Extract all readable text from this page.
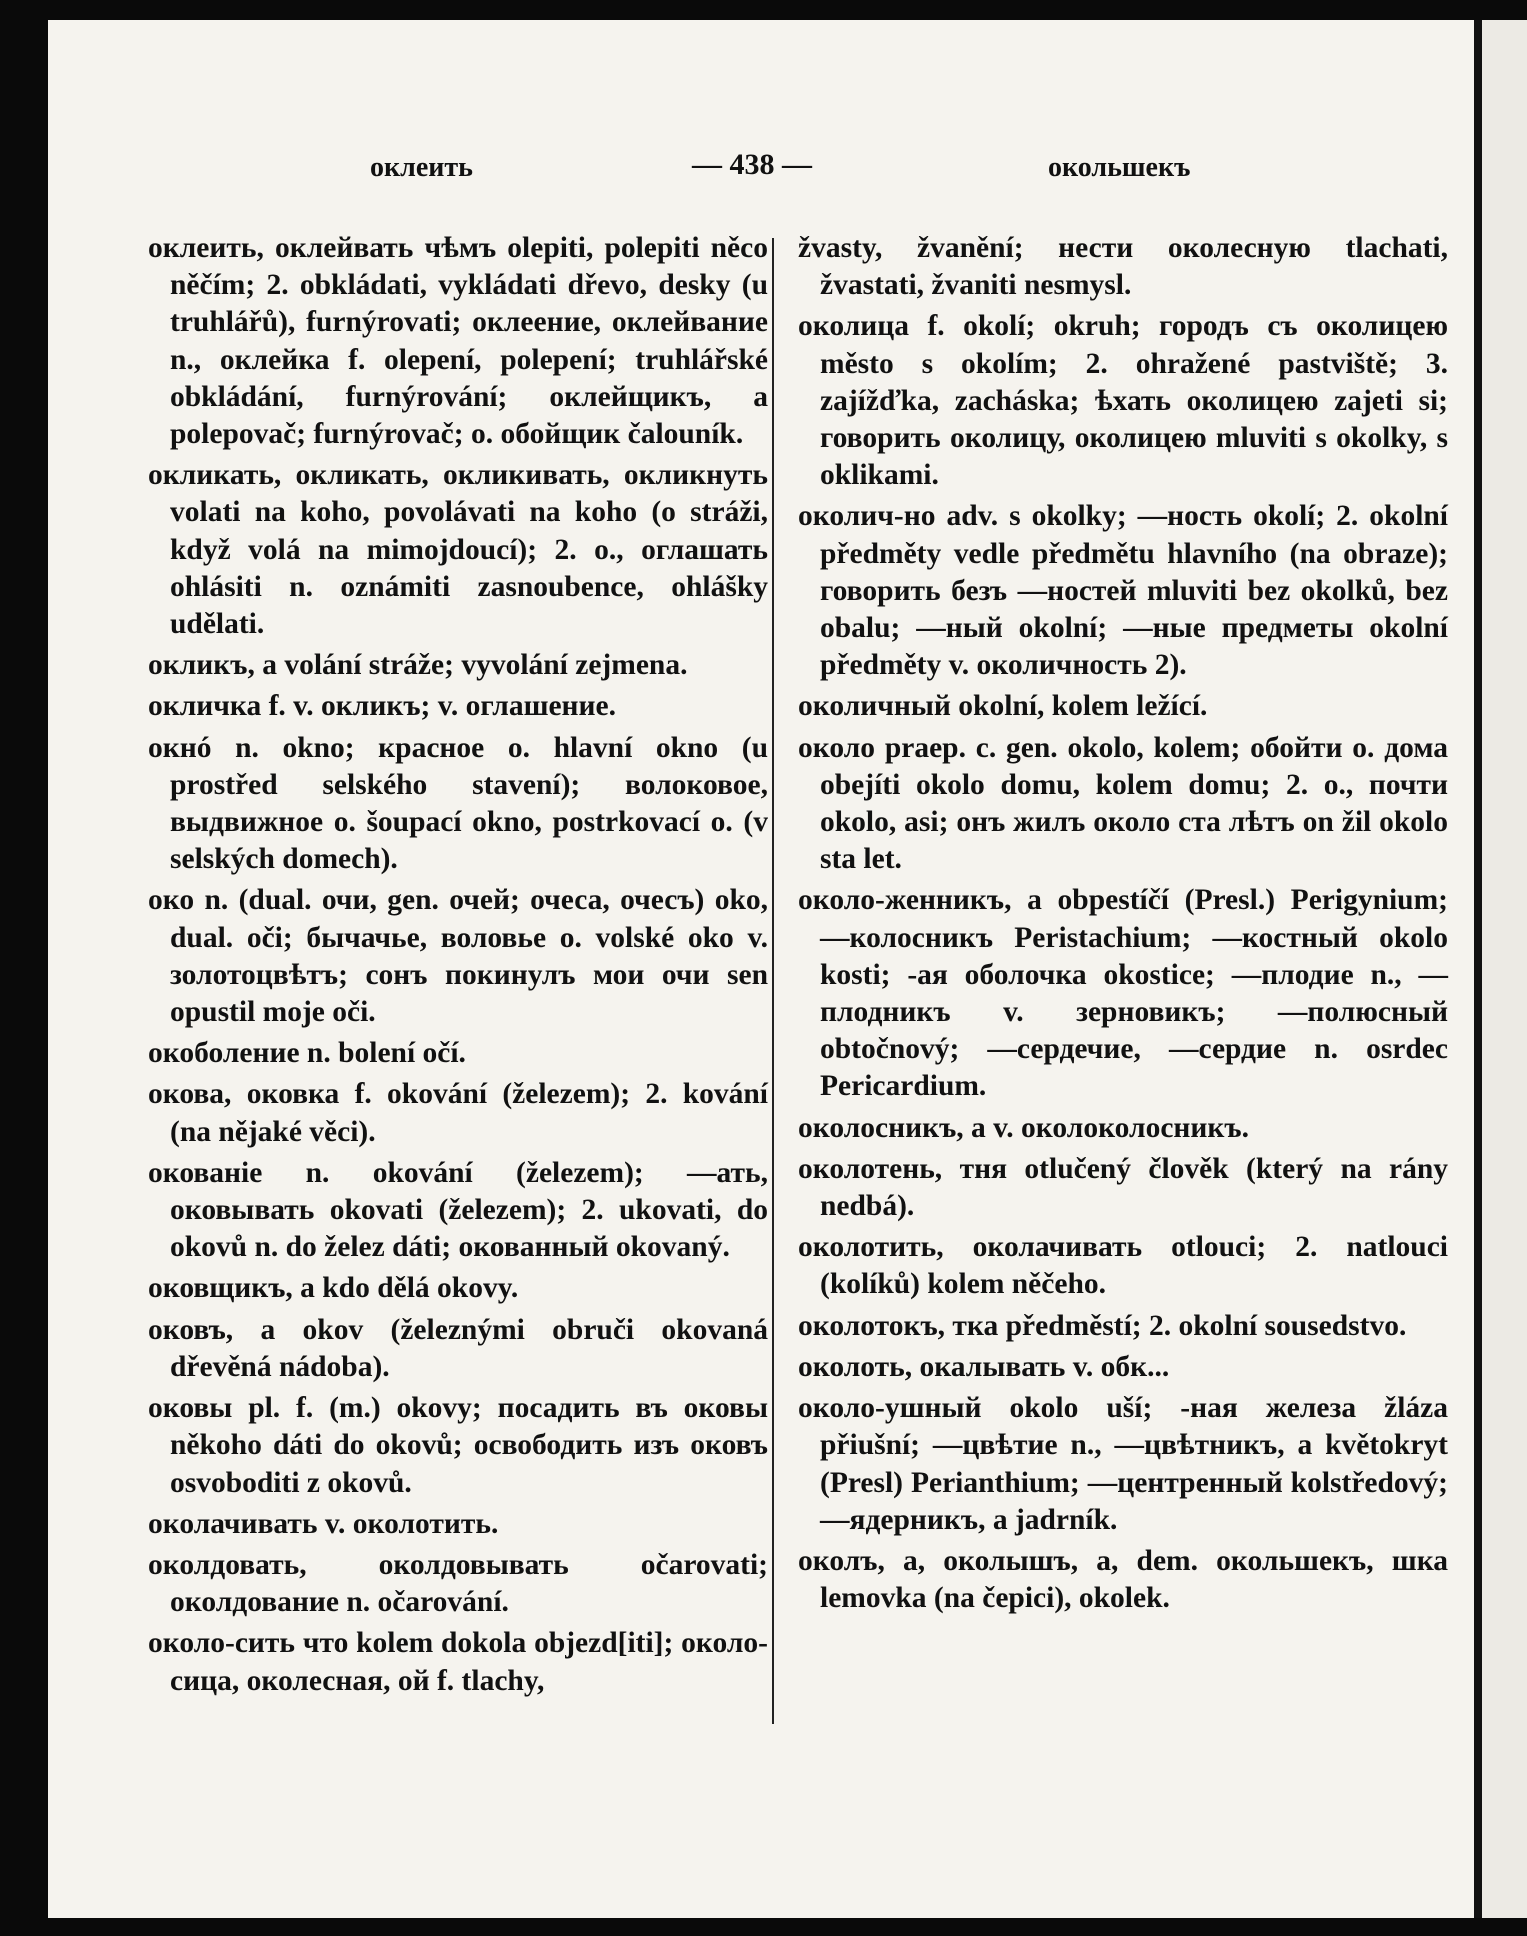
оклеить	— 438 —	окольшекъ

оклеить, оклейвать чѣмъ olepiti, polepiti něco něčím; 2. obkládati, vykládati dřevo, desky (u truhlářů), furnýrovati; оклеение, оклейвание n., оклейка f. olepení, polepení; truhlářské obkládání, furnýrování; оклейщикъ, a polepovač; furnýrovač; o. обойщик čalouník.

окликать, окликать, окликивать, окликнуть volati na koho, povolávati na koho (o stráži, když volá na mimojdoucí); 2. o., оглашать ohlásiti n. oznámiti zasnoubence, ohlášky udělati.

окликъ, a volání stráže; vyvolání zejmena.

окличка f. v. окликъ; v. оглашение.

окнó n. okno; красное o. hlavní okno (u prostřed selského stavení); волоковое, выдвижное o. šoupací okno, postrkovací o. (v selských domech).

око n. (dual. очи, gen. очей; очеса, очесъ) oko, dual. oči; бычачье, воловье o. volské oko v. золотоцвѣтъ; сонъ покинулъ мои очи sen opustil moje oči.

окоболение n. bolení očí.

окова, оковка f. okování (železem); 2. kování (na nějaké věci).

окованіе n. okování (železem); —ать, оковывать okovati (železem); 2. ukovati, do okovů n. do želez dáti; окованный okovaný.

оковщикъ, a kdo dělá okovy.

оковъ, a okov (železnými obruči okovaná dřevěná nádoba).

оковы pl. f. (m.) okovy; посадить въ оковы někoho dáti do okovů; освободить изъ оковъ osvoboditi z okovů.

околачивать v. околотить.

околдовать, околдовывать očarovati; околдование n. očarování.

около-сить что kolem dokola objezd[iti]; около-сица, околесная, ой f. tlachy,

žvasty, žvanění; нести околесную tlachati, žvastati, žvaniti nesmysl.

околица f. okolí; okruh; городъ съ околицею město s okolím; 2. ohražené pastviště; 3. zajížďka, zacháska; ѣхать околицею zajeti si; говорить околицу, околицею mluviti s okolky, s oklikami.

околич-но adv. s okolky; —ность okolí; 2. okolní předměty vedle předmětu hlavního (na obraze); говорить безъ —ностей mluviti bez okolků, bez obalu; —ный okolní; —ные предметы okolní předměty v. околичность 2).

околичный okolní, kolem ležící.

около praep. c. gen. okolo, kolem; обойти о. дома obejíti okolo domu, kolem domu; 2. о., почти okolo, asi; онъ жилъ около ста лѣтъ on žil okolo sta let.

около-женникъ, a obpestíčí (Presl.) Perigynium; —колосникъ Peristachium; —костный okolo kosti; -ая оболочка okostice; —плодие n., —плодникъ v. зерновикъ; —полюсный obtočnový; —сердечие, —сердие n. osrdec Pericardium.

околосникъ, a v. околоколосникъ.

околотень, тня otlučený člověk (který na rány nedbá).

околотить, околачивать otlouci; 2. natlouci (kolíků) kolem něčeho.

околотокъ, тка předměstí; 2. okolní sousedstvo.

околоть, окалывать v. обк...

около-ушный okolo uší; -ная железа žláza přiušní; —цвѣтие n., —цвѣтникъ, a květokryt (Presl) Perianthium; —центренный kolstředový; —ядерникъ, a jadrník.

околъ, a, околышъ, a, dem. окольшекъ, шка lemovka (na čepici), okolek.
